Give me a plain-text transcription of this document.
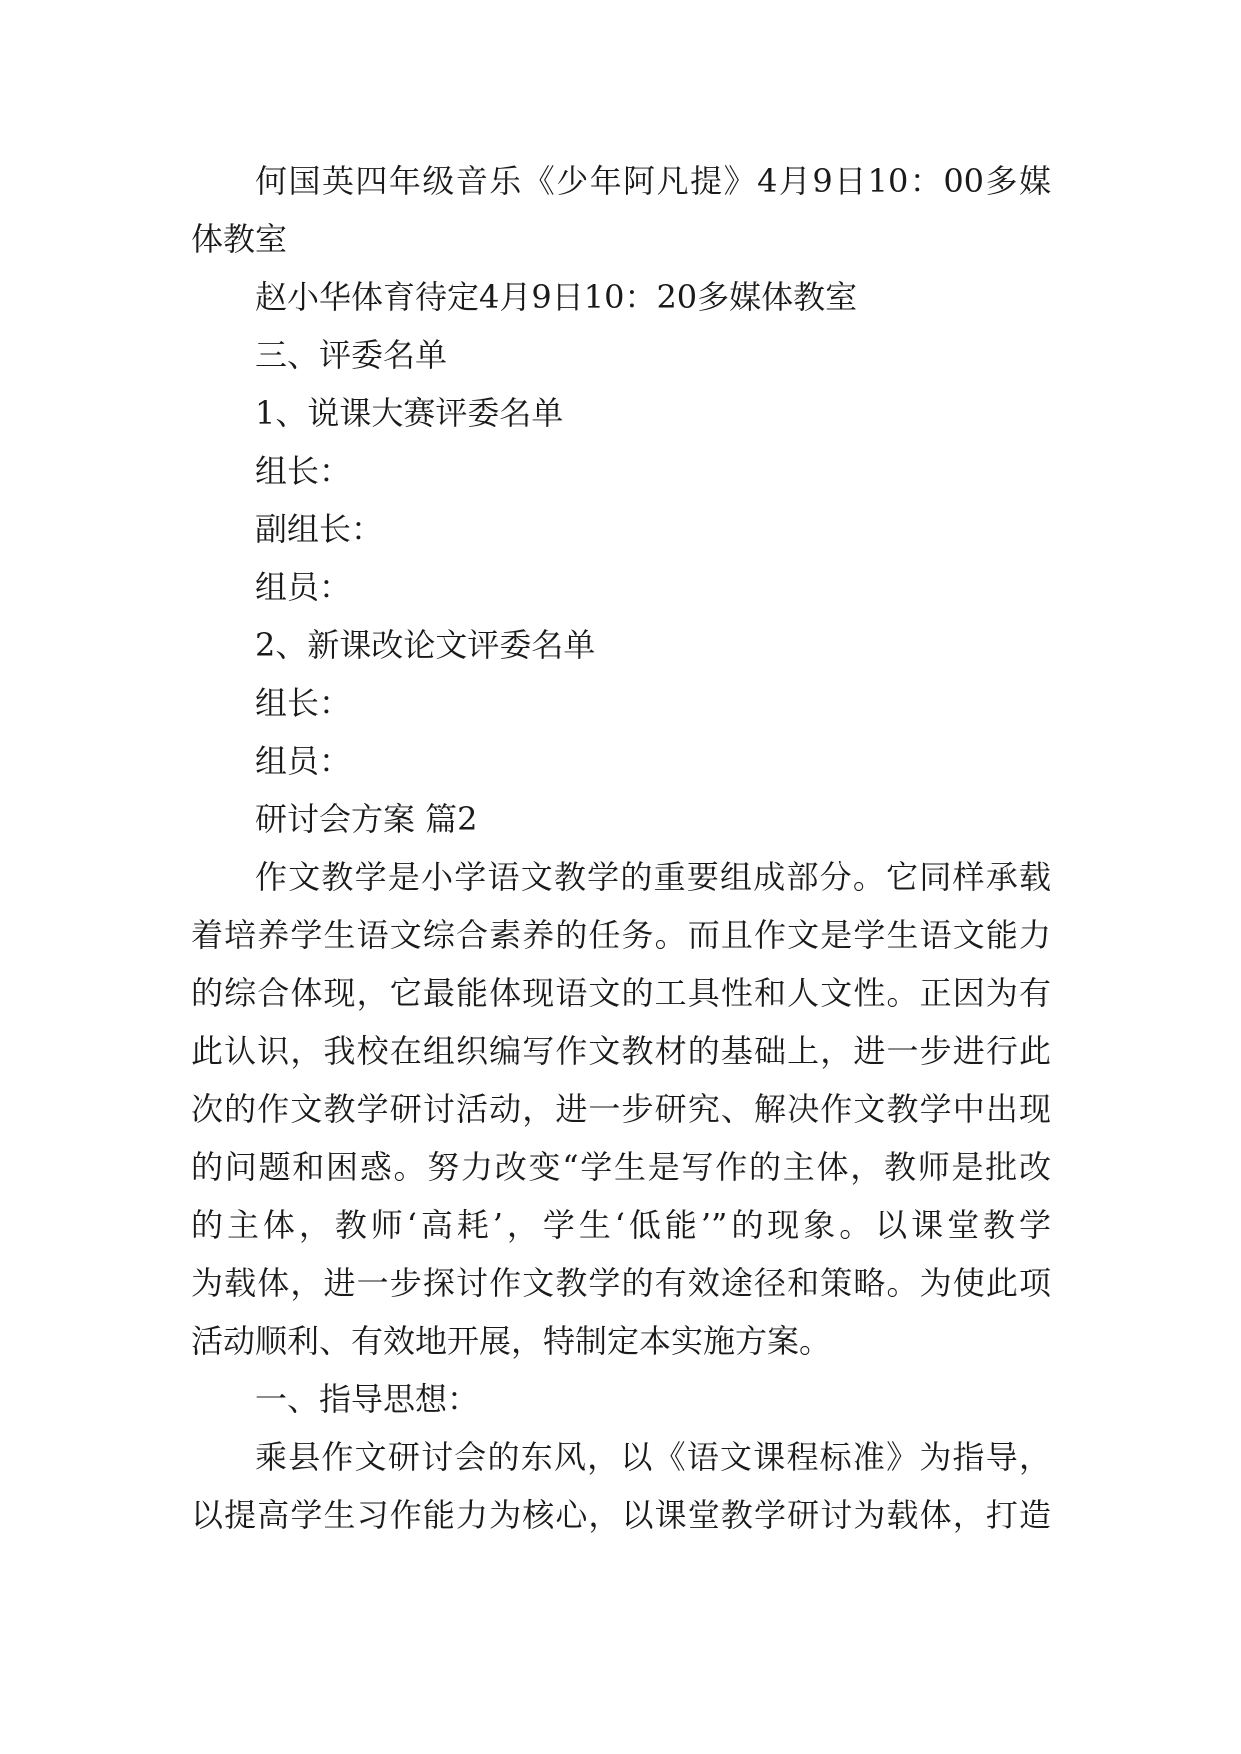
何国英四年级音乐《少年阿凡提》4月9日10：00多媒
体教室
赵小华体育待定4月9日10：20多媒体教室
三、评委名单
1、说课大赛评委名单
组长：
副组长：
组员：
2、新课改论文评委名单
组长：
组员：
研讨会方案 篇2
作文教学是小学语文教学的重要组成部分。它同样承载
着培养学生语文综合素养的任务。而且作文是学生语文能力
的综合体现，它最能体现语文的工具性和人文性。正因为有
此认识，我校在组织编写作文教材的基础上，进一步进行此
次的作文教学研讨活动，进一步研究、解决作文教学中出现
的问题和困惑。努力改变“学生是写作的主体，教师是批改
的主体，教师‘高耗’，学生‘低能’”的现象。以课堂教学
为载体，进一步探讨作文教学的有效途径和策略。为使此项
活动顺利、有效地开展，特制定本实施方案。
一、指导思想：
乘县作文研讨会的东风，以《语文课程标准》为指导，
以提高学生习作能力为核心，以课堂教学研讨为载体，打造
